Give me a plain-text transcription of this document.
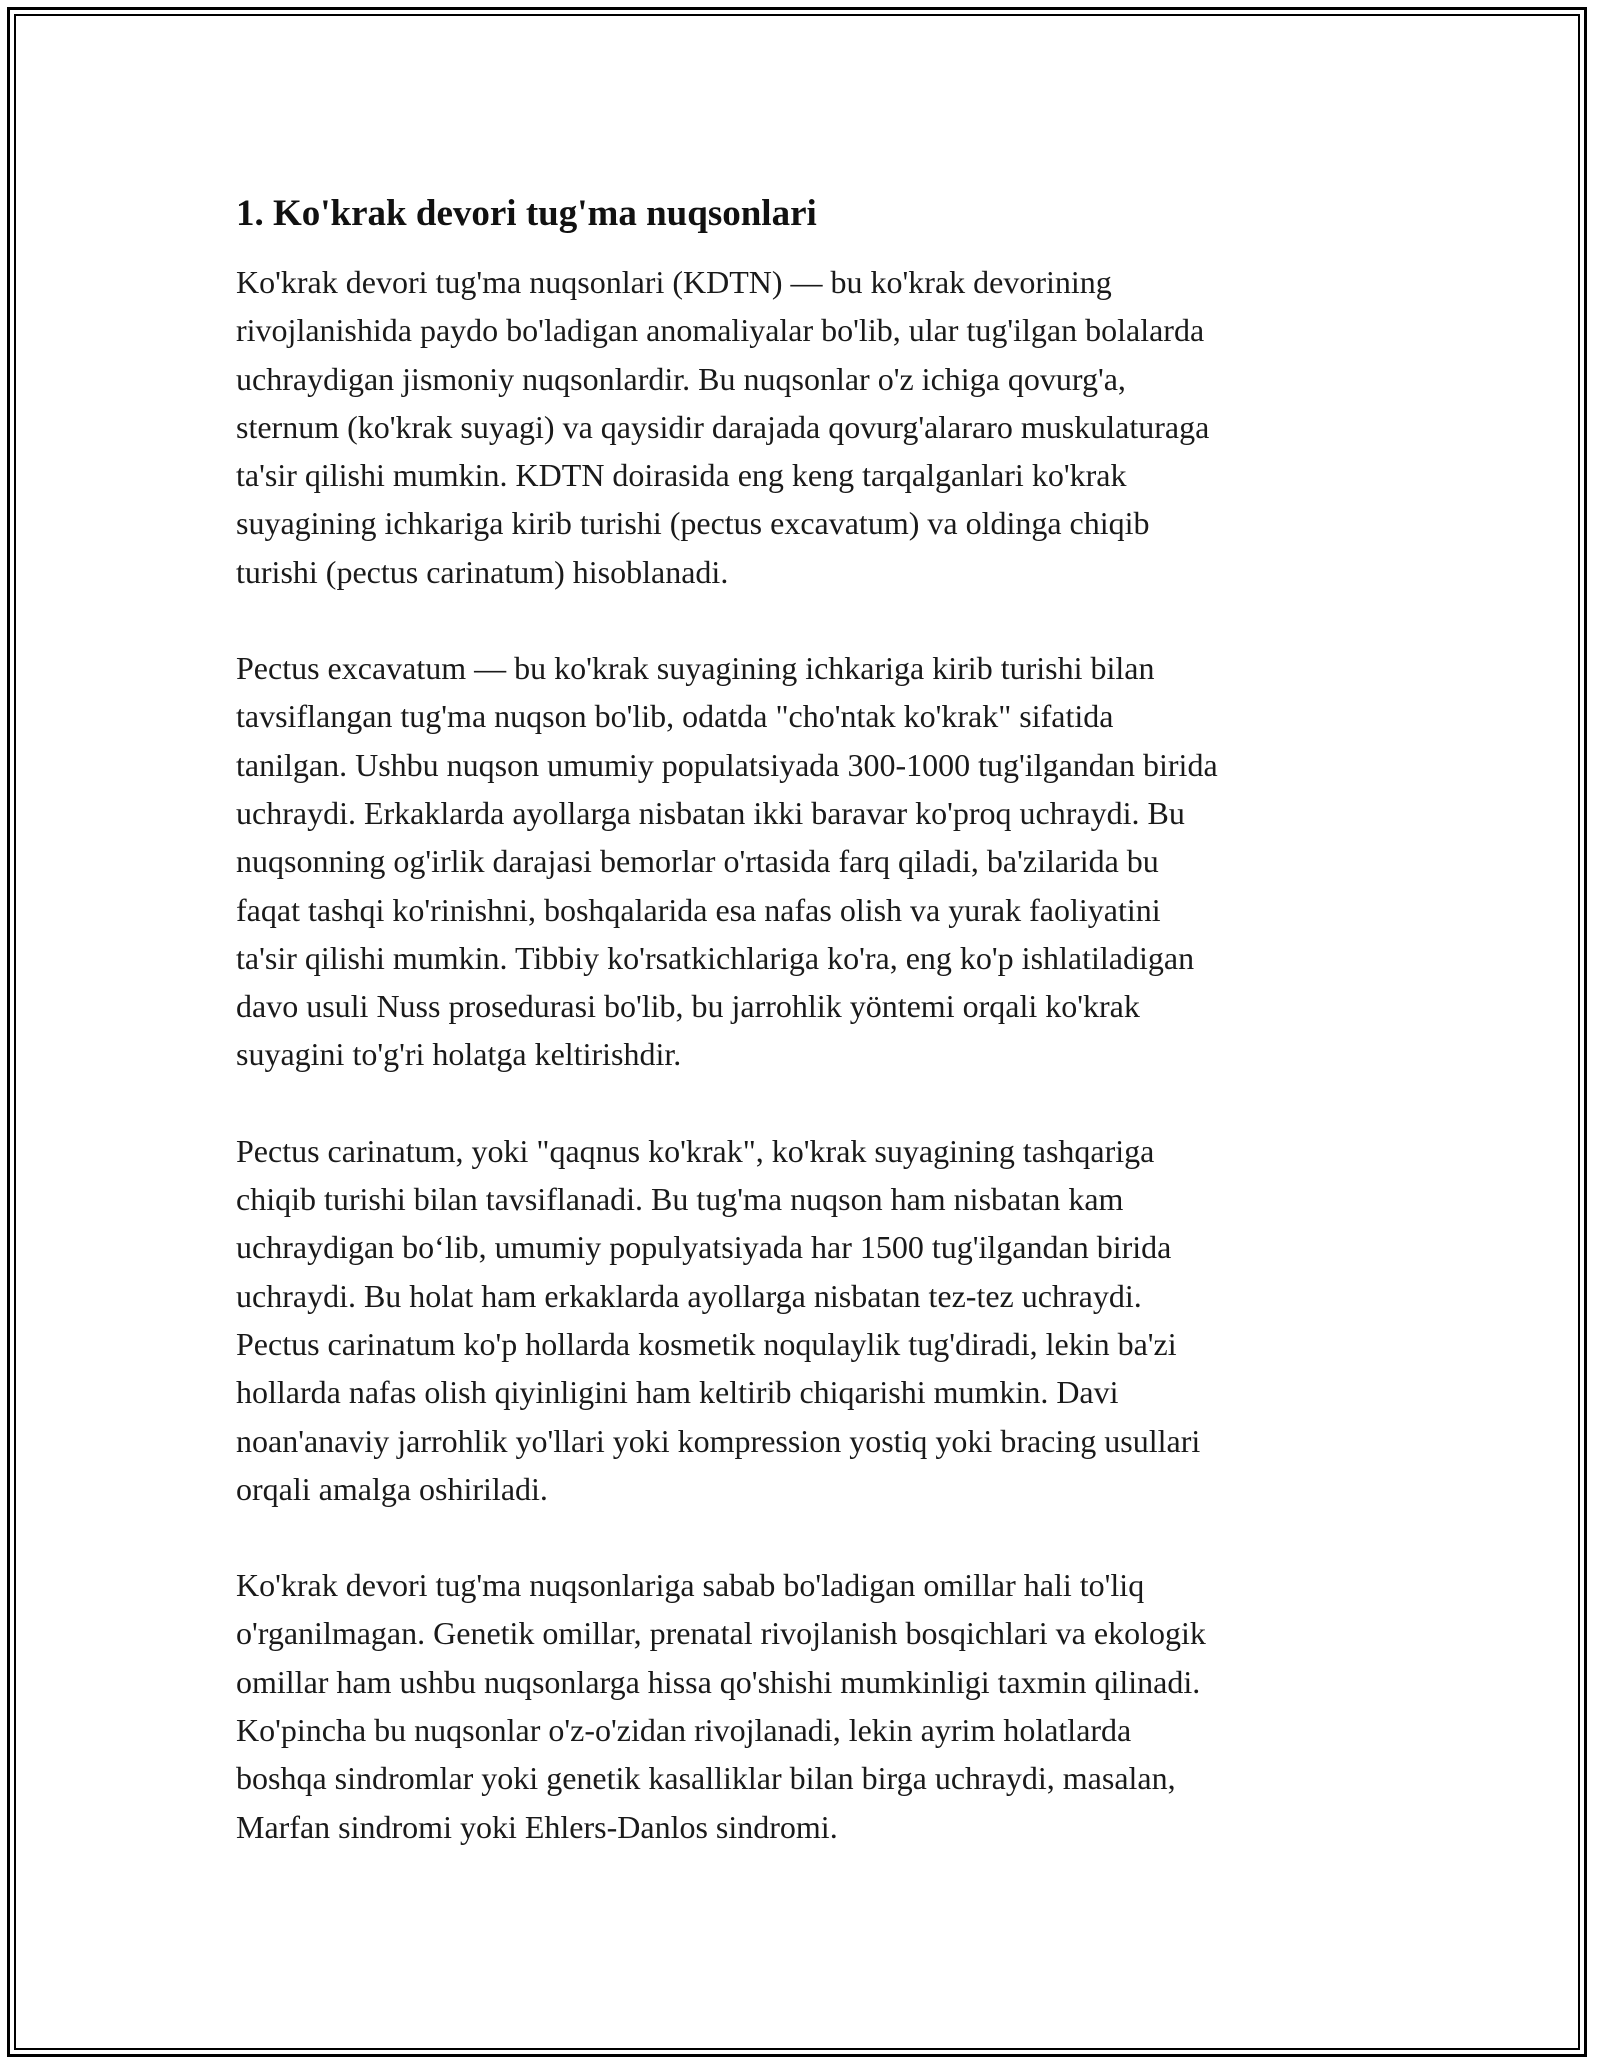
1. Ko'krak devori tug'ma nuqsonlari

Ko'krak devori tug'ma nuqsonlari (KDTN) — bu ko'krak devorining
rivojlanishida paydo bo'ladigan anomaliyalar bo'lib, ular tug'ilgan bolalarda
uchraydigan jismoniy nuqsonlardir. Bu nuqsonlar o'z ichiga qovurg'a,
sternum (ko'krak suyagi) va qaysidir darajada qovurg'alararo muskulaturaga
ta'sir qilishi mumkin. KDTN doirasida eng keng tarqalganlari ko'krak
suyagining ichkariga kirib turishi (pectus excavatum) va oldinga chiqib
turishi (pectus carinatum) hisoblanadi.

Pectus excavatum — bu ko'krak suyagining ichkariga kirib turishi bilan
tavsiflangan tug'ma nuqson bo'lib, odatda "cho'ntak ko'krak" sifatida
tanilgan. Ushbu nuqson umumiy populatsiyada 300-1000 tug'ilgandan birida
uchraydi. Erkaklarda ayollarga nisbatan ikki baravar ko'proq uchraydi. Bu
nuqsonning og'irlik darajasi bemorlar o'rtasida farq qiladi, ba'zilarida bu
faqat tashqi ko'rinishni, boshqalarida esa nafas olish va yurak faoliyatini
ta'sir qilishi mumkin. Tibbiy ko'rsatkichlariga ko'ra, eng ko'p ishlatiladigan
davo usuli Nuss prosedurasi bo'lib, bu jarrohlik yöntemi orqali ko'krak
suyagini to'g'ri holatga keltirishdir.

Pectus carinatum, yoki "qaqnus ko'krak", ko'krak suyagining tashqariga
chiqib turishi bilan tavsiflanadi. Bu tug'ma nuqson ham nisbatan kam
uchraydigan bo‘lib, umumiy populyatsiyada har 1500 tug'ilgandan birida
uchraydi. Bu holat ham erkaklarda ayollarga nisbatan tez-tez uchraydi.
Pectus carinatum ko'p hollarda kosmetik noqulaylik tug'diradi, lekin ba'zi
hollarda nafas olish qiyinligini ham keltirib chiqarishi mumkin. Davi
noan'anaviy jarrohlik yo'llari yoki kompression yostiq yoki bracing usullari
orqali amalga oshiriladi.

Ko'krak devori tug'ma nuqsonlariga sabab bo'ladigan omillar hali to'liq
o'rganilmagan. Genetik omillar, prenatal rivojlanish bosqichlari va ekologik
omillar ham ushbu nuqsonlarga hissa qo'shishi mumkinligi taxmin qilinadi.
Ko'pincha bu nuqsonlar o'z-o'zidan rivojlanadi, lekin ayrim holatlarda
boshqa sindromlar yoki genetik kasalliklar bilan birga uchraydi, masalan,
Marfan sindromi yoki Ehlers-Danlos sindromi.
